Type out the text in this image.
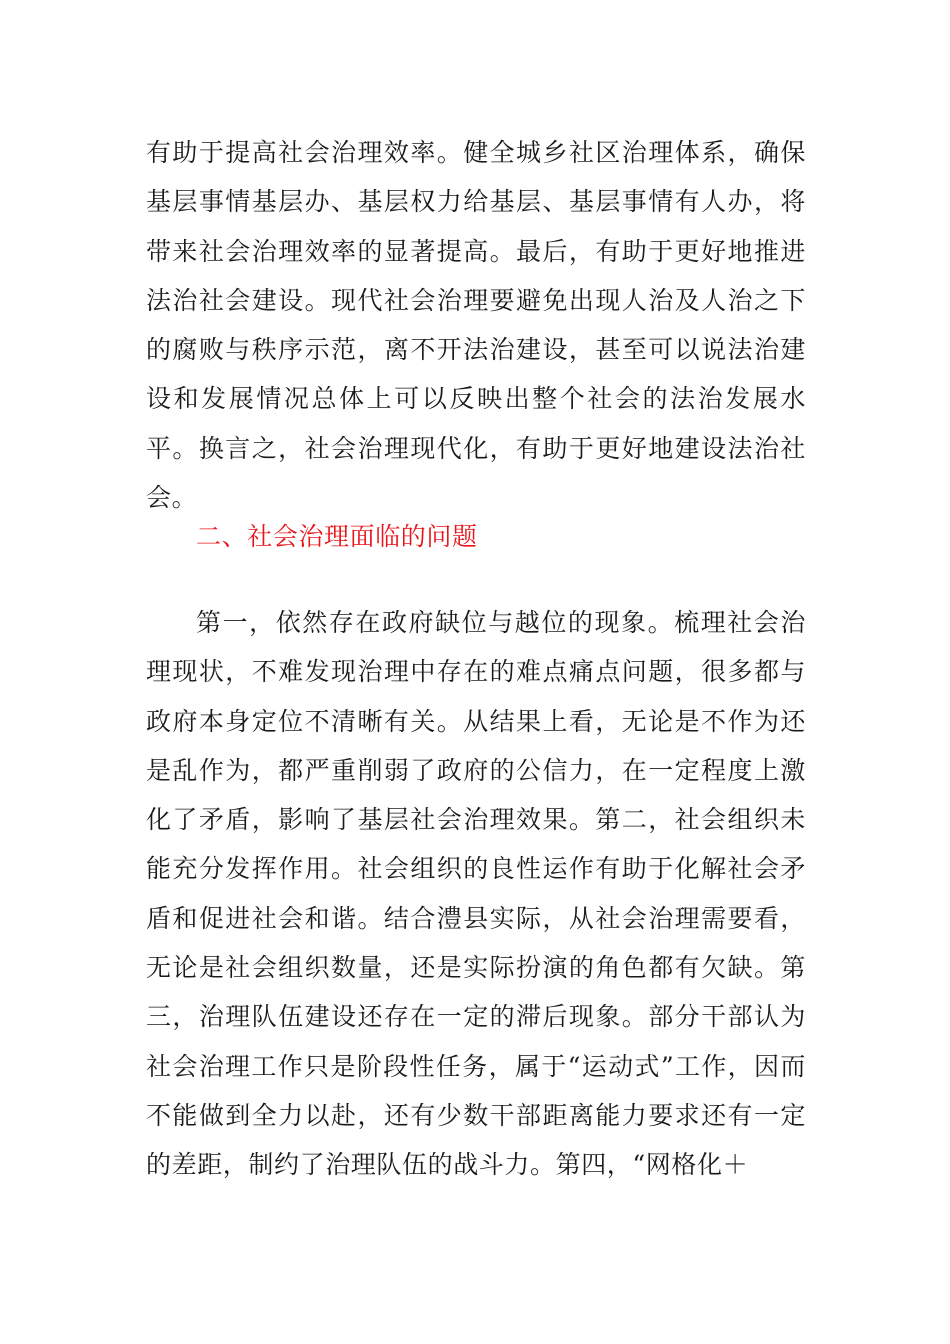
有助于提高社会治理效率。健全城乡社区治理体系，确保基层事情基层办、基层权力给基层、基层事情有人办，将带来社会治理效率的显著提高。最后，有助于更好地推进法治社会建设。现代社会治理要避免出现人治及人治之下的腐败与秩序示范，离不开法治建设，甚至可以说法治建设和发展情况总体上可以反映出整个社会的法治发展水平。换言之，社会治理现代化，有助于更好地建设法治社会。

二、社会治理面临的问题

第一，依然存在政府缺位与越位的现象。梳理社会治理现状，不难发现治理中存在的难点痛点问题，很多都与政府本身定位不清晰有关。从结果上看，无论是不作为还是乱作为，都严重削弱了政府的公信力，在一定程度上激化了矛盾，影响了基层社会治理效果。第二，社会组织未能充分发挥作用。社会组织的良性运作有助于化解社会矛盾和促进社会和谐。结合澧县实际，从社会治理需要看，无论是社会组织数量，还是实际扮演的角色都有欠缺。第三，治理队伍建设还存在一定的滞后现象。部分干部认为社会治理工作只是阶段性任务，属于“运动式”工作，因而不能做到全力以赴，还有少数干部距离能力要求还有一定的差距，制约了治理队伍的战斗力。第四，“网格化＋
